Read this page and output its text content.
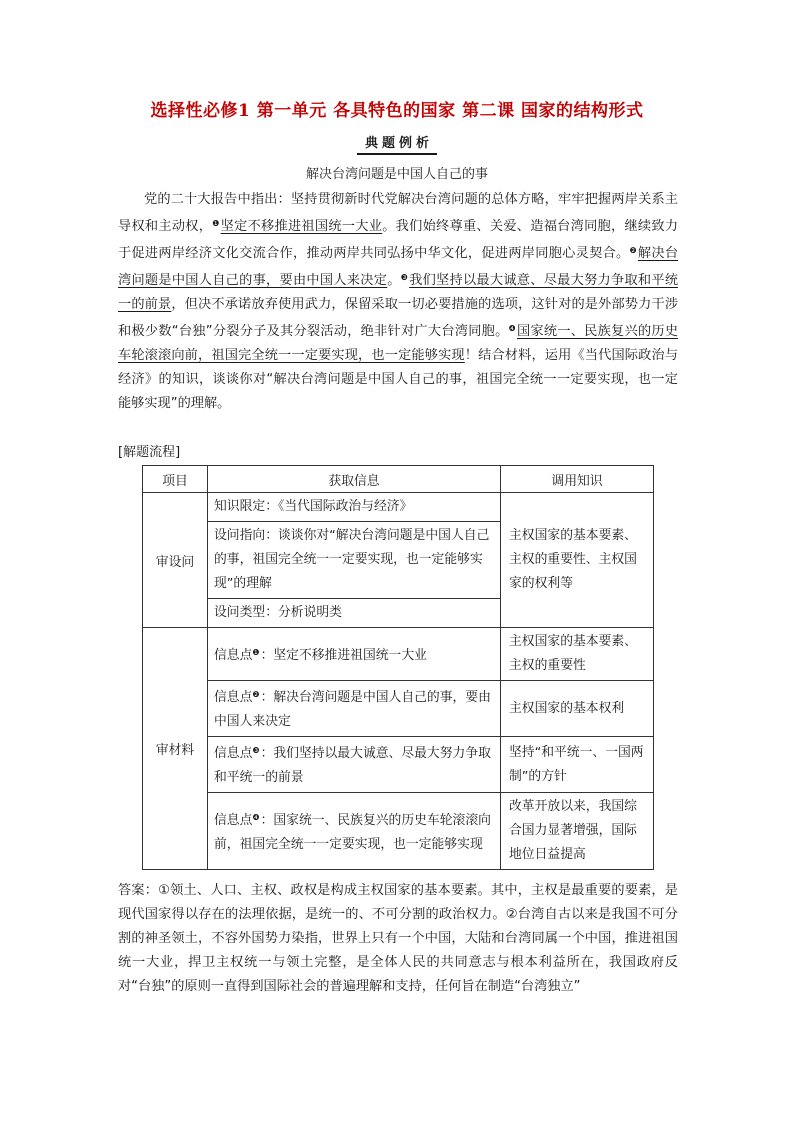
选择性必修1 第一单元 各具特色的国家 第二课 国家的结构形式
典题例析
解决台湾问题是中国人自己的事

党的二十大报告中指出：坚持贯彻新时代党解决台湾问题的总体方略，牢牢把握两岸关系主导权和主动权，$^❶$坚定不移推进祖国统一大业。我们始终尊重、关爱、造福台湾同胞，继续致力于促进两岸经济文化交流合作，推动两岸共同弘扬中华文化，促进两岸同胞心灵契合。$^❷$解决台湾问题是中国人自己的事，要由中国人来决定。$^❸$我们坚持以最大诚意、尽最大努力争取和平统一的前景，但决不承诺放弃使用武力，保留采取一切必要措施的选项，这针对的是外部势力干涉和极少数“台独”分裂分子及其分裂活动，绝非针对广大台湾同胞。$^❹$国家统一、民族复兴的历史车轮滚滚向前，祖国完全统一一定要实现，也一定能够实现！结合材料，运用《当代国际政治与经济》的知识，谈谈你对“解决台湾问题是中国人自己的事，祖国完全统一一定要实现，也一定能够实现”的理解。

[解题流程]
项目	获取信息	调用知识
审设问	知识限定：《当代国际政治与经济》	主权国家的基本要素、主权的重要性、主权国家的权利等
	设问指向：谈谈你对“解决台湾问题是中国人自己的事，祖国完全统一一定要实现，也一定能够实现”的理解	
	设问类型：分析说明类	
审材料	信息点$^❶$：坚定不移推进祖国统一大业	主权国家的基本要素、主权的重要性
	信息点$^❷$：解决台湾问题是中国人自己的事，要由中国人来决定	主权国家的基本权利
	信息点$^❸$：我们坚持以最大诚意、尽最大努力争取和平统一的前景	坚持“和平统一、一国两制”的方针
	信息点$^❹$：国家统一、民族复兴的历史车轮滚滚向前，祖国完全统一一定要实现，也一定能够实现	改革开放以来，我国综合国力显著增强，国际地位日益提高

答案：①领土、人口、主权、政权是构成主权国家的基本要素。其中，主权是最重要的要素，是现代国家得以存在的法理依据，是统一的、不可分割的政治权力。②台湾自古以来是我国不可分割的神圣领土，不容外国势力染指，世界上只有一个中国，大陆和台湾同属一个中国，推进祖国统一大业，捍卫主权统一与领土完整，是全体人民的共同意志与根本利益所在，我国政府反对“台独”的原则一直得到国际社会的普遍理解和支持，任何旨在制造“台湾独立”
